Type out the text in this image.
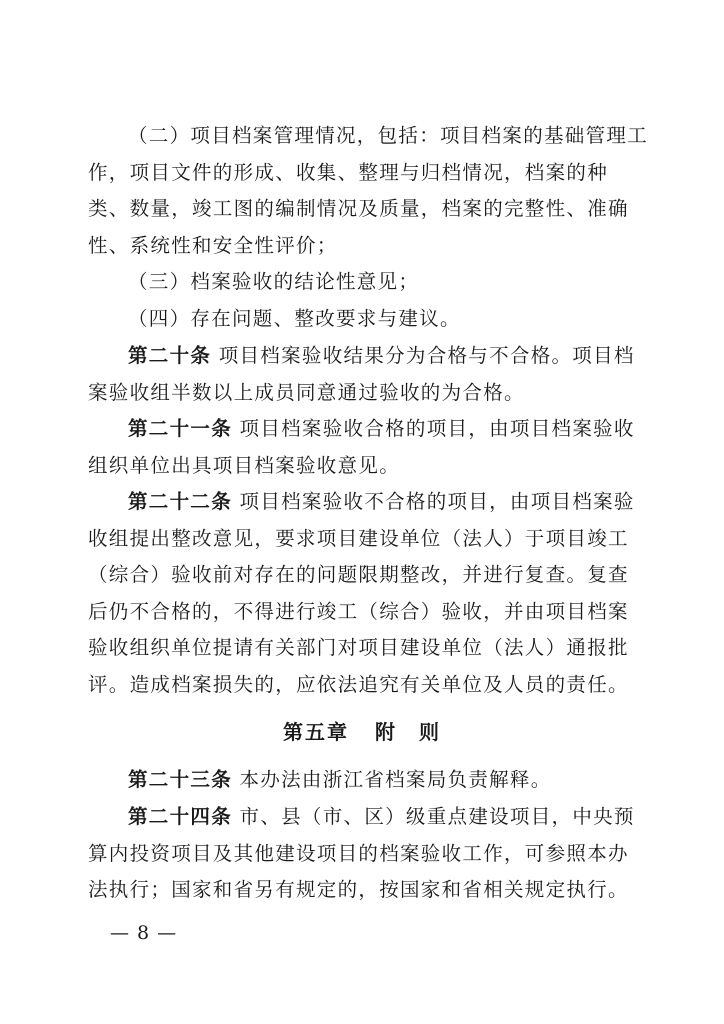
（二）项目档案管理情况，包括：项目档案的基础管理工作，项目文件的形成、收集、整理与归档情况，档案的种类、数量，竣工图的编制情况及质量，档案的完整性、准确性、系统性和安全性评价；

（三）档案验收的结论性意见；

（四）存在问题、整改要求与建议。

第二十条 项目档案验收结果分为合格与不合格。项目档案验收组半数以上成员同意通过验收的为合格。

第二十一条 项目档案验收合格的项目，由项目档案验收组织单位出具项目档案验收意见。

第二十二条 项目档案验收不合格的项目，由项目档案验收组提出整改意见，要求项目建设单位（法人）于项目竣工（综合）验收前对存在的问题限期整改，并进行复查。复查后仍不合格的，不得进行竣工（综合）验收，并由项目档案验收组织单位提请有关部门对项目建设单位（法人）通报批评。造成档案损失的，应依法追究有关单位及人员的责任。

第五章 附　则

第二十三条 本办法由浙江省档案局负责解释。

第二十四条 市、县（市、区）级重点建设项目，中央预算内投资项目及其他建设项目的档案验收工作，可参照本办法执行；国家和省另有规定的，按国家和省相关规定执行。

— 8 —
